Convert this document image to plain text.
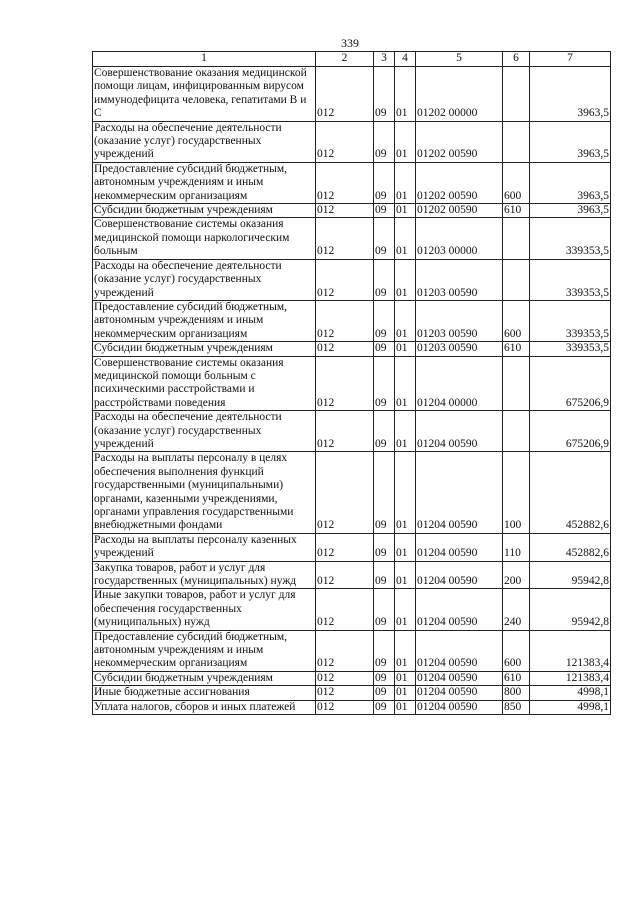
339
1	2	3	4	5	6	7
Совершенствование оказания медицинской помощи лицам, инфицированным вирусом иммунодефицита человека, гепатитами В и С	012	09	01	01202 00000		3963,5
Расходы на обеспечение деятельности (оказание услуг) государственных учреждений	012	09	01	01202 00590		3963,5
Предоставление субсидий бюджетным, автономным учреждениям и иным некоммерческим организациям	012	09	01	01202 00590	600	3963,5
Субсидии бюджетным учреждениям	012	09	01	01202 00590	610	3963,5
Совершенствование системы оказания медицинской помощи наркологическим больным	012	09	01	01203 00000		339353,5
Расходы на обеспечение деятельности (оказание услуг) государственных учреждений	012	09	01	01203 00590		339353,5
Предоставление субсидий бюджетным, автономным учреждениям и иным некоммерческим организациям	012	09	01	01203 00590	600	339353,5
Субсидии бюджетным учреждениям	012	09	01	01203 00590	610	339353,5
Совершенствование системы оказания медицинской помощи больным с психическими расстройствами и расстройствами поведения	012	09	01	01204 00000		675206,9
Расходы на обеспечение деятельности (оказание услуг) государственных учреждений	012	09	01	01204 00590		675206,9
Расходы на выплаты персоналу в целях обеспечения выполнения функций государственными (муниципальными) органами, казенными учреждениями, органами управления государственными внебюджетными фондами	012	09	01	01204 00590	100	452882,6
Расходы на выплаты персоналу казенных учреждений	012	09	01	01204 00590	110	452882,6
Закупка товаров, работ и услуг для государственных (муниципальных) нужд	012	09	01	01204 00590	200	95942,8
Иные закупки товаров, работ и услуг для обеспечения государственных (муниципальных) нужд	012	09	01	01204 00590	240	95942,8
Предоставление субсидий бюджетным, автономным учреждениям и иным некоммерческим организациям	012	09	01	01204 00590	600	121383,4
Субсидии бюджетным учреждениям	012	09	01	01204 00590	610	121383,4
Иные бюджетные ассигнования	012	09	01	01204 00590	800	4998,1
Уплата налогов, сборов и иных платежей	012	09	01	01204 00590	850	4998,1
